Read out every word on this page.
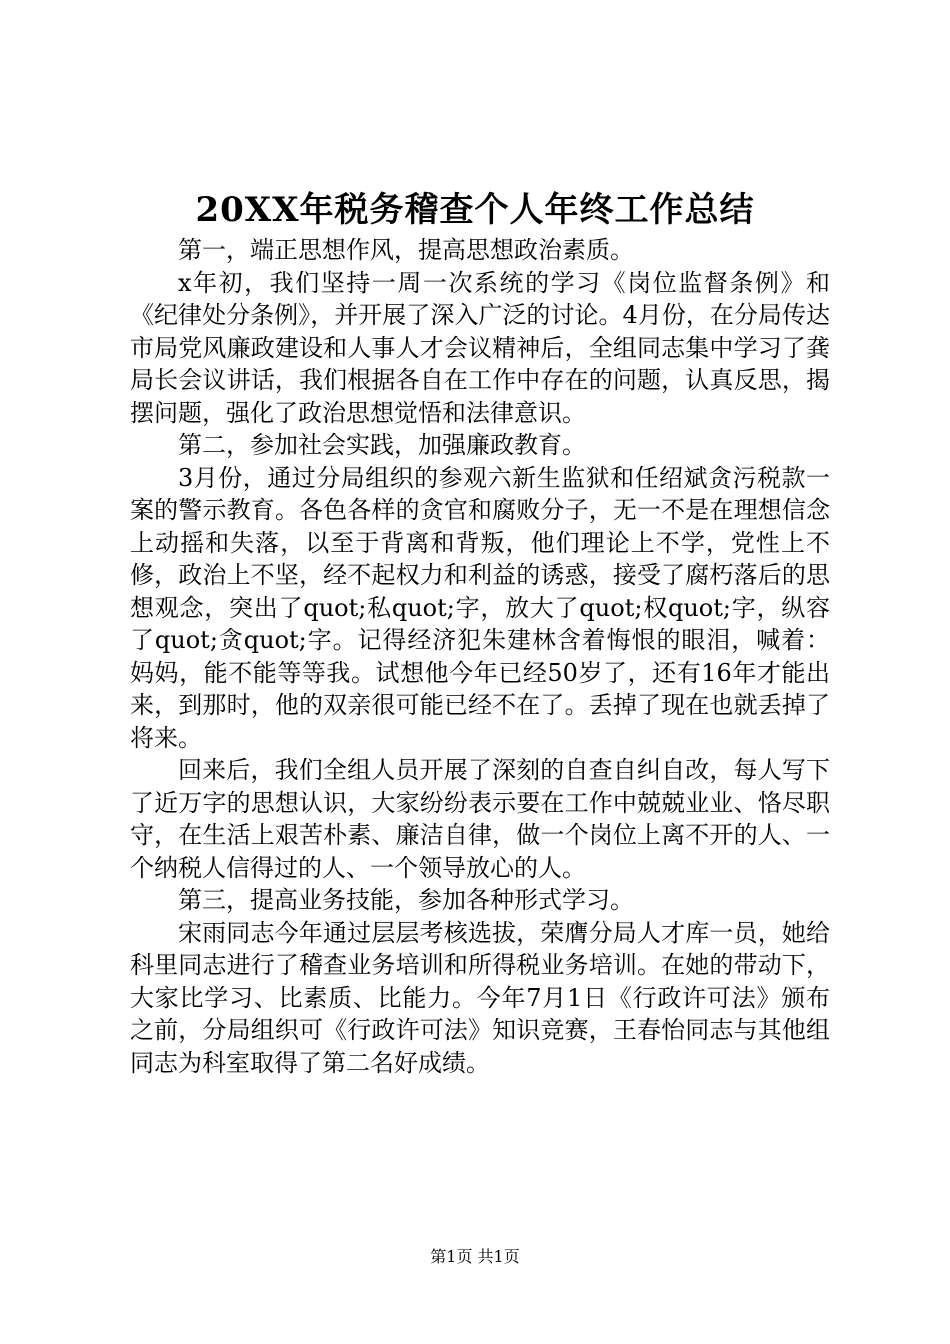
20XX年税务稽查个人年终工作总结

第一，端正思想作风，提高思想政治素质。

x年初，我们坚持一周一次系统的学习《岗位监督条例》和《纪律处分条例》，并开展了深入广泛的讨论。4月份，在分局传达市局党风廉政建设和人事人才会议精神后，全组同志集中学习了龚局长会议讲话，我们根据各自在工作中存在的问题，认真反思，揭摆问题，强化了政治思想觉悟和法律意识。

第二，参加社会实践，加强廉政教育。

3月份，通过分局组织的参观六新生监狱和任绍斌贪污税款一案的警示教育。各色各样的贪官和腐败分子，无一不是在理想信念上动摇和失落，以至于背离和背叛，他们理论上不学，党性上不修，政治上不坚，经不起权力和利益的诱惑，接受了腐朽落后的思想观念，突出了quot;私quot;字，放大了quot;权quot;字，纵容了quot;贪quot;字。记得经济犯朱建林含着悔恨的眼泪，喊着：妈妈，能不能等等我。试想他今年已经50岁了，还有16年才能出来，到那时，他的双亲很可能已经不在了。丢掉了现在也就丢掉了将来。

回来后，我们全组人员开展了深刻的自查自纠自改，每人写下了近万字的思想认识，大家纷纷表示要在工作中兢兢业业、恪尽职守，在生活上艰苦朴素、廉洁自律，做一个岗位上离不开的人、一个纳税人信得过的人、一个领导放心的人。

第三，提高业务技能，参加各种形式学习。

宋雨同志今年通过层层考核选拔，荣膺分局人才库一员，她给科里同志进行了稽查业务培训和所得税业务培训。在她的带动下，大家比学习、比素质、比能力。今年7月1日《行政许可法》颁布之前，分局组织可《行政许可法》知识竞赛，王春怡同志与其他组同志为科室取得了第二名好成绩。

第1页 共1页
